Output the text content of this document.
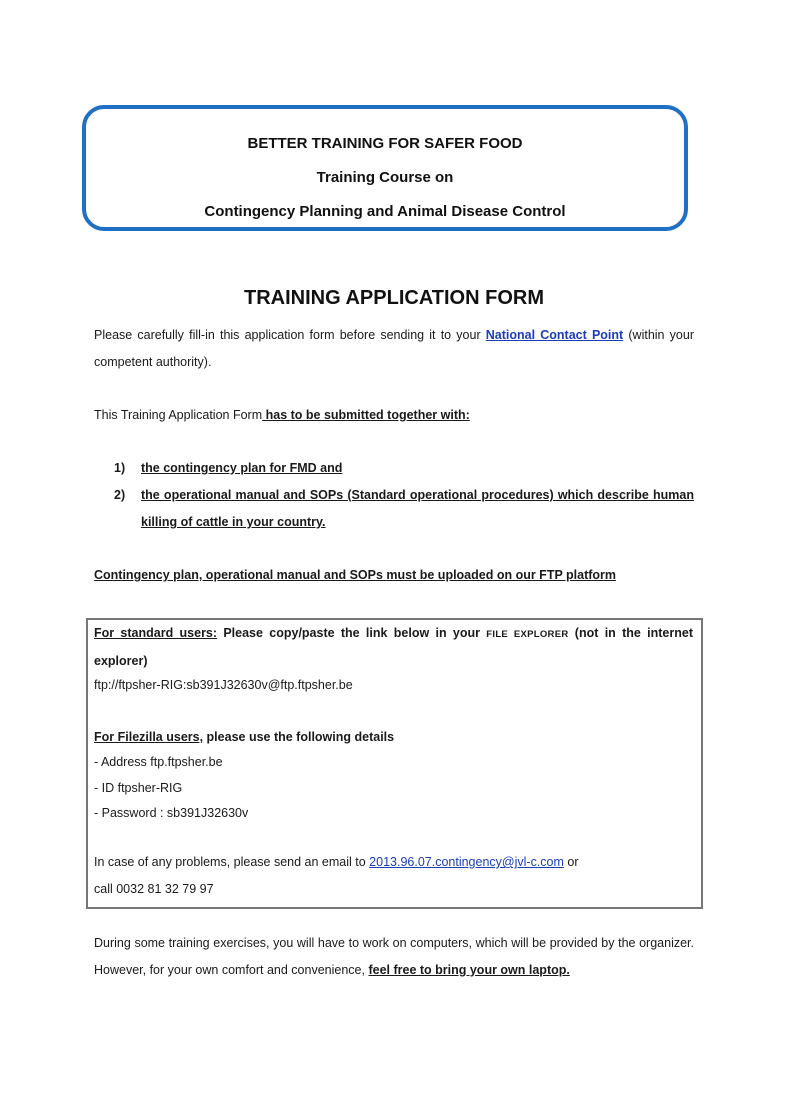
BETTER TRAINING FOR SAFER FOOD
Training Course on
Contingency Planning and Animal Disease Control
TRAINING APPLICATION FORM
Please carefully fill-in this application form before sending it to your National Contact Point (within your competent authority).
This Training Application Form has to be submitted together with:
1) the contingency plan for FMD and
2) the operational manual and SOPs (Standard operational procedures) which describe human killing of cattle in your country.
Contingency plan, operational manual and SOPs must be uploaded on our FTP platform
For standard users: Please copy/paste the link below in your FILE EXPLORER (not in the internet explorer)
ftp://ftpsher-RIG:sb391J32630v@ftp.ftpsher.be
For Filezilla users, please use the following details
- Address ftp.ftpsher.be
- ID ftpsher-RIG
- Password : sb391J32630v
In case of any problems, please send an email to 2013.96.07.contingency@jvl-c.com or
call 0032 81 32 79 97
During some training exercises, you will have to work on computers, which will be provided by the organizer. However, for your own comfort and convenience, feel free to bring your own laptop.
